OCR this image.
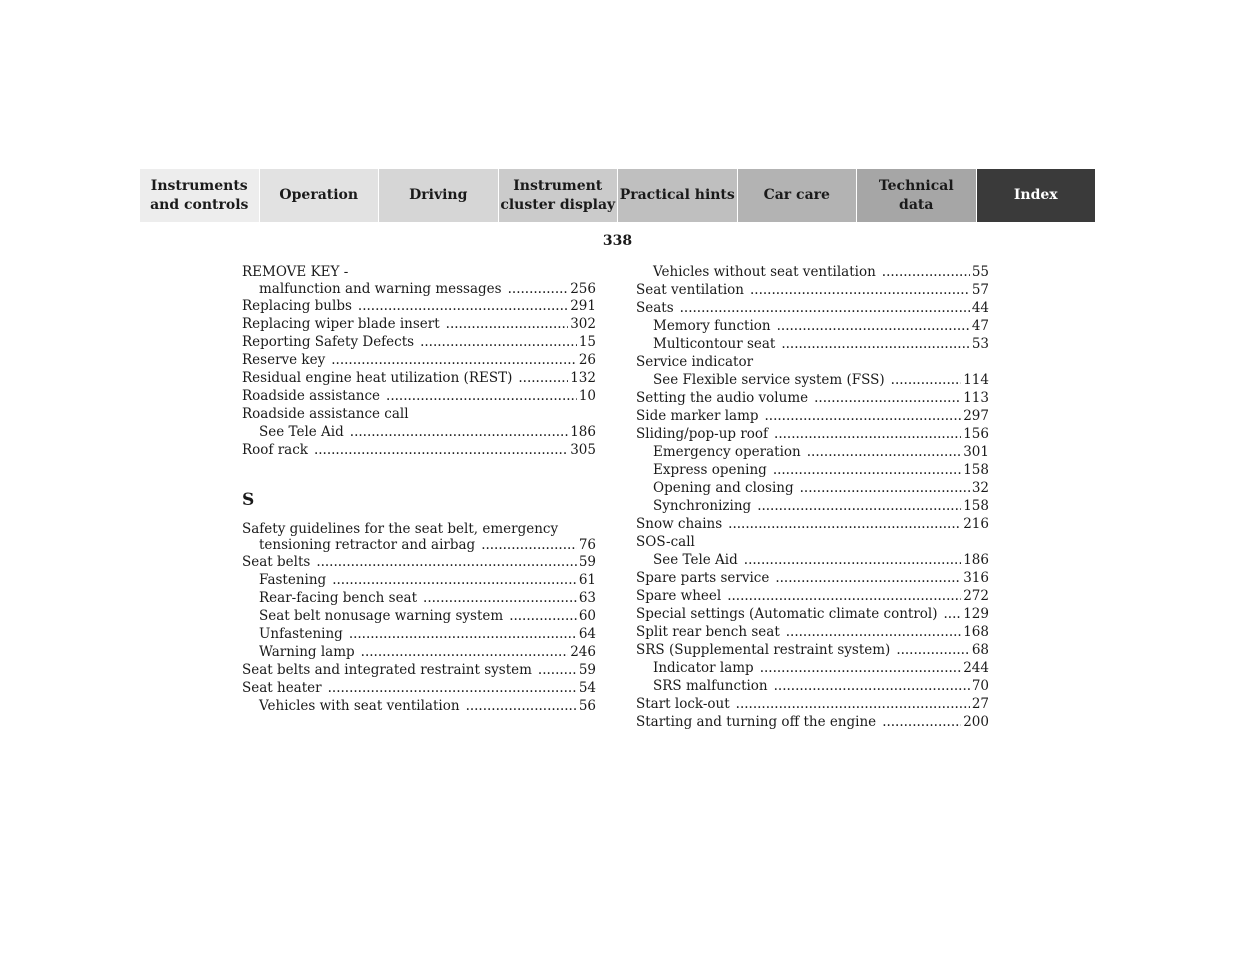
Instruments
and controls
Operation	Driving
Instrument
cluster display
Practical hints	Car care
Technical
data
Index
338
REMOVE KEY -
malfunction and warning messages .....	256
Replacing bulbs .....	291
Replacing wiper blade insert .....	302
Reporting Safety Defects .....	15
Reserve key .....	26
Residual engine heat utilization (REST) .....	132
Roadside assistance .....	10
Roadside assistance call
See Tele Aid .....	186
Roof rack .....	305
S
Safety guidelines for the seat belt, emergency
tensioning retractor and airbag .....	76
Seat belts .....	59
Fastening .....	61
Rear-facing bench seat .....	63
Seat belt nonusage warning system .....	60
Unfastening .....	64
Warning lamp .....	246
Seat belts and integrated restraint system .....	59
Seat heater .....	54
Vehicles with seat ventilation .....	56
Vehicles without seat ventilation .....	55
Seat ventilation .....	57
Seats .....	44
Memory function .....	47
Multicontour seat .....	53
Service indicator
See Flexible service system (FSS) .....	114
Setting the audio volume .....	113
Side marker lamp .....	297
Sliding/pop-up roof .....	156
Emergency operation .....	301
Express opening .....	158
Opening and closing .....	32
Synchronizing .....	158
Snow chains .....	216
SOS-call
See Tele Aid .....	186
Spare parts service .....	316
Spare wheel .....	272
Special settings (Automatic climate control) ..... 129
Split rear bench seat .....	168
SRS (Supplemental restraint system) .....	68
Indicator lamp .....	244
SRS malfunction .....	70
Start lock-out .....	27
Starting and turning off the engine .....	200
